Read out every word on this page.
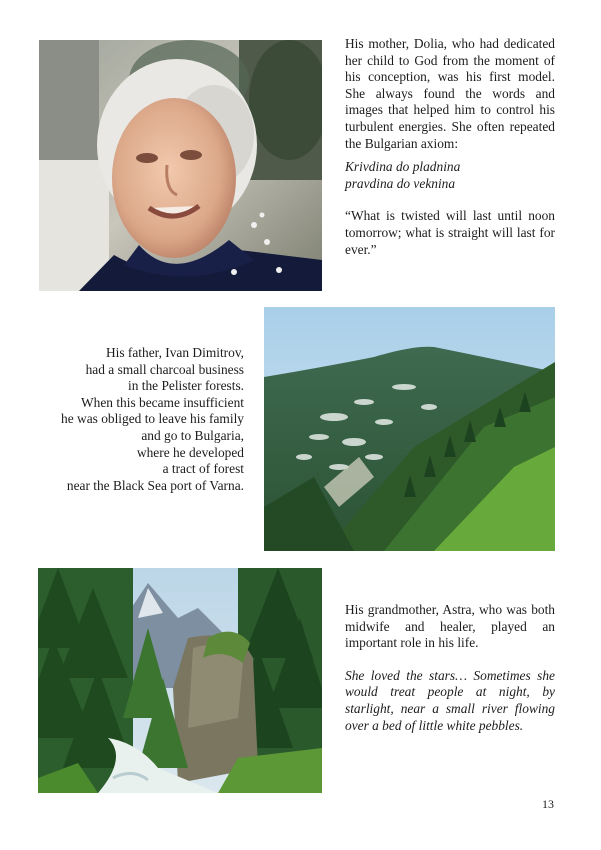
His mother, Dolia, who had dedicated her child to God from the moment of his conception, was his first model. She always found the words and images that helped him to control his turbulent energies. She often repeated the Bulgarian axiom:

Krivdina do pladnina

pravdina do veknina

“What is twisted will last until noon tomorrow; what is straight will last for ever.”

His father, Ivan Dimitrov,

had a small charcoal business

in the Pelister forests.

When this became insufficient

he was obliged to leave his family

and go to Bulgaria,

where he developed

a tract of forest

near the Black Sea port of Varna.

His grandmother, Astra, who was both midwife and healer, played an important role in his life.

She loved the stars… Sometimes she would treat people at night, by starlight, near a small river flowing over a bed of little white pebbles.

13
